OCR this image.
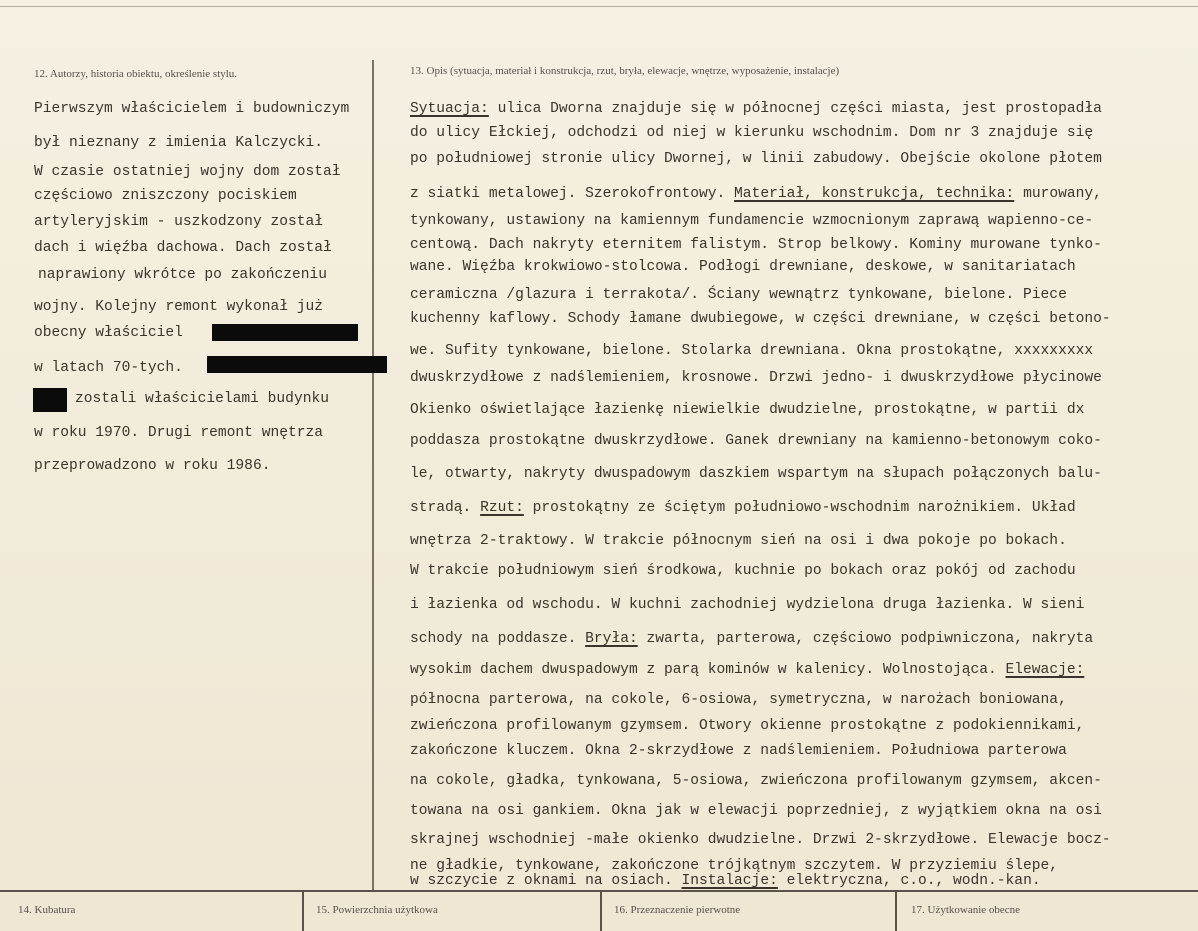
12. Autorzy, historia obiektu, określenie stylu.
Pierwszym właścicielem i budowniczym
był nieznany z imienia Kalczycki.
W czasie ostatniej wojny dom został
częściowo zniszczony pociskiem
artyleryjskim - uszkodzony został
dach i więźba dachowa. Dach został
naprawiony wkrótce po zakończeniu
wojny. Kolejny remont wykonał już
obecny właściciel
w latach 70-tych.
zostali właścicielami budynku
w roku 1970. Drugi remont wnętrza
przeprowadzono w roku 1986.
13. Opis (sytuacja, materiał i konstrukcja, rzut, bryła, elewacje, wnętrze, wyposażenie, instalacje)
Sytuacja: ulica Dworna znajduje się w północnej części miasta, jest prostopadła
do ulicy Ełckiej, odchodzi od niej w kierunku wschodnim. Dom nr 3 znajduje się
po południowej stronie ulicy Dwornej, w linii zabudowy. Obejście okolone płotem
z siatki metalowej. Szerokofrontowy. Materiał, konstrukcja, technika: murowany,
tynkowany, ustawiony na kamiennym fundamencie wzmocnionym zaprawą wapienno-ce-
centową. Dach nakryty eternitem falistym. Strop belkowy. Kominy murowane tynko-
wane. Więźba krokwiowo-stolcowa. Podłogi drewniane, deskowe, w sanitariatach
ceramiczna /glazura i terrakota/. Ściany wewnątrz tynkowane, bielone. Piece
kuchenny kaflowy. Schody łamane dwubiegowe, w części drewniane, w części betono-
we. Sufity tynkowane, bielone. Stolarka drewniana. Okna prostokątne, xxxxxxxxx
dwuskrzydłowe z nadślemieniem, krosnowe. Drzwi jedno- i dwuskrzydłowe płycinowe
Okienko oświetlające łazienkę niewielkie dwudzielne, prostokątne, w partii dx
poddasza prostokątne dwuskrzydłowe. Ganek drewniany na kamienno-betonowym coko-
le, otwarty, nakryty dwuspadowym daszkiem wspartym na słupach połączonych balu-
stradą. Rzut: prostokątny ze ściętym południowo-wschodnim narożnikiem. Układ
wnętrza 2-traktowy. W trakcie północnym sień na osi i dwa pokoje po bokach.
W trakcie południowym sień środkowa, kuchnie po bokach oraz pokój od zachodu
i łazienka od wschodu. W kuchni zachodniej wydzielona druga łazienka. W sieni
schody na poddasze. Bryła: zwarta, parterowa, częściowo podpiwniczona, nakryta
wysokim dachem dwuspadowym z parą kominów w kalenicy. Wolnostojąca. Elewacje:
północna parterowa, na cokole, 6-osiowa, symetryczna, w narożach boniowana,
zwieńczona profilowanym gzymsem. Otwory okienne prostokątne z podokiennikami,
zakończone kluczem. Okna 2-skrzydłowe z nadślemieniem. Południowa parterowa
na cokole, gładka, tynkowana, 5-osiowa, zwieńczona profilowanym gzymsem, akcen-
towana na osi gankiem. Okna jak w elewacji poprzedniej, z wyjątkiem okna na osi
skrajnej wschodniej -małe okienko dwudzielne. Drzwi 2-skrzydłowe. Elewacje bocz-
ne gładkie, tynkowane, zakończone trójkątnym szczytem. W przyziemiu ślepe,
w szczycie z oknami na osiach. Instalacje: elektryczna, c.o., wodn.-kan.
14. Kubatura	15. Powierzchnia użytkowa	16. Przeznaczenie pierwotne	17. Użytkowanie obecne
